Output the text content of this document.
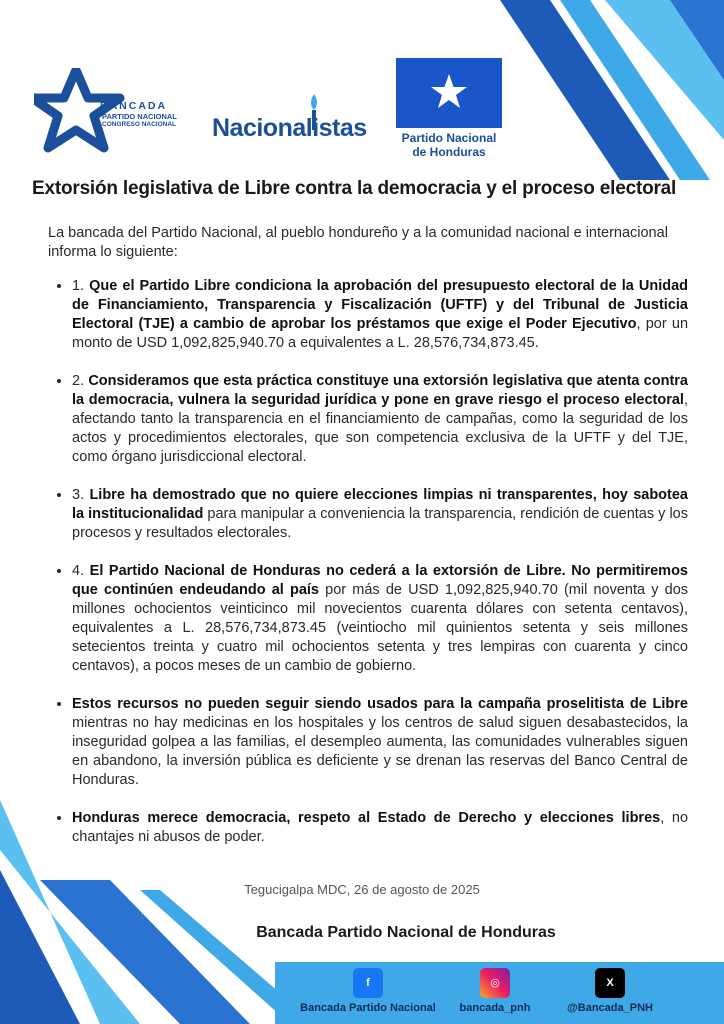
BANCADA
PARTIDO NACIONAL
CONGRESO NACIONAL Nacionalistas	Partido Nacional
de Honduras
Extorsión legislativa de Libre contra la democracia y el proceso electoral

La bancada del Partido Nacional, al pueblo hondureño y a la comunidad nacional e internacional informa lo siguiente:

• 1. Que el Partido Libre condiciona la aprobación del presupuesto electoral de la Unidad de Financiamiento, Transparencia y Fiscalización (UFTF) y del Tribunal de Justicia Electoral (TJE) a cambio de aprobar los préstamos que exige el Poder Ejecutivo, por un monto de USD 1,092,825,940.70 a equivalentes a L. 28,576,734,873.45.
• 2. Consideramos que esta práctica constituye una extorsión legislativa que atenta contra la democracia, vulnera la seguridad jurídica y pone en grave riesgo el proceso electoral, afectando tanto la transparencia en el financiamiento de campañas, como la seguridad de los actos y procedimientos electorales, que son competencia exclusiva de la UFTF y del TJE, como órgano jurisdiccional electoral.
• 3. Libre ha demostrado que no quiere elecciones limpias ni transparentes, hoy sabotea la institucionalidad para manipular a conveniencia la transparencia, rendición de cuentas y los procesos y resultados electorales.
• 4. El Partido Nacional de Honduras no cederá a la extorsión de Libre. No permitiremos que continúen endeudando al país por más de USD 1,092,825,940.70 (mil noventa y dos millones ochocientos veinticinco mil novecientos cuarenta dólares con setenta centavos), equivalentes a L. 28,576,734,873.45 (veintiocho mil quinientos setenta y seis millones setecientos treinta y cuatro mil ochocientos setenta y tres lempiras con cuarenta y cinco centavos), a pocos meses de un cambio de gobierno.
• Estos recursos no pueden seguir siendo usados para la campaña proselitista de Libre mientras no hay medicinas en los hospitales y los centros de salud siguen desabastecidos, la inseguridad golpea a las familias, el desempleo aumenta, las comunidades vulnerables siguen en abandono, la inversión pública es deficiente y se drenan las reservas del Banco Central de Honduras.
• Honduras merece democracia, respeto al Estado de Derecho y elecciones libres, no chantajes ni abusos de poder.
Tegucigalpa MDC, 26 de agosto de 2025
Bancada Partido Nacional de Honduras
f
Bancada Partido Nacional
◎
bancada_pnh
X
@Bancada_PNH
